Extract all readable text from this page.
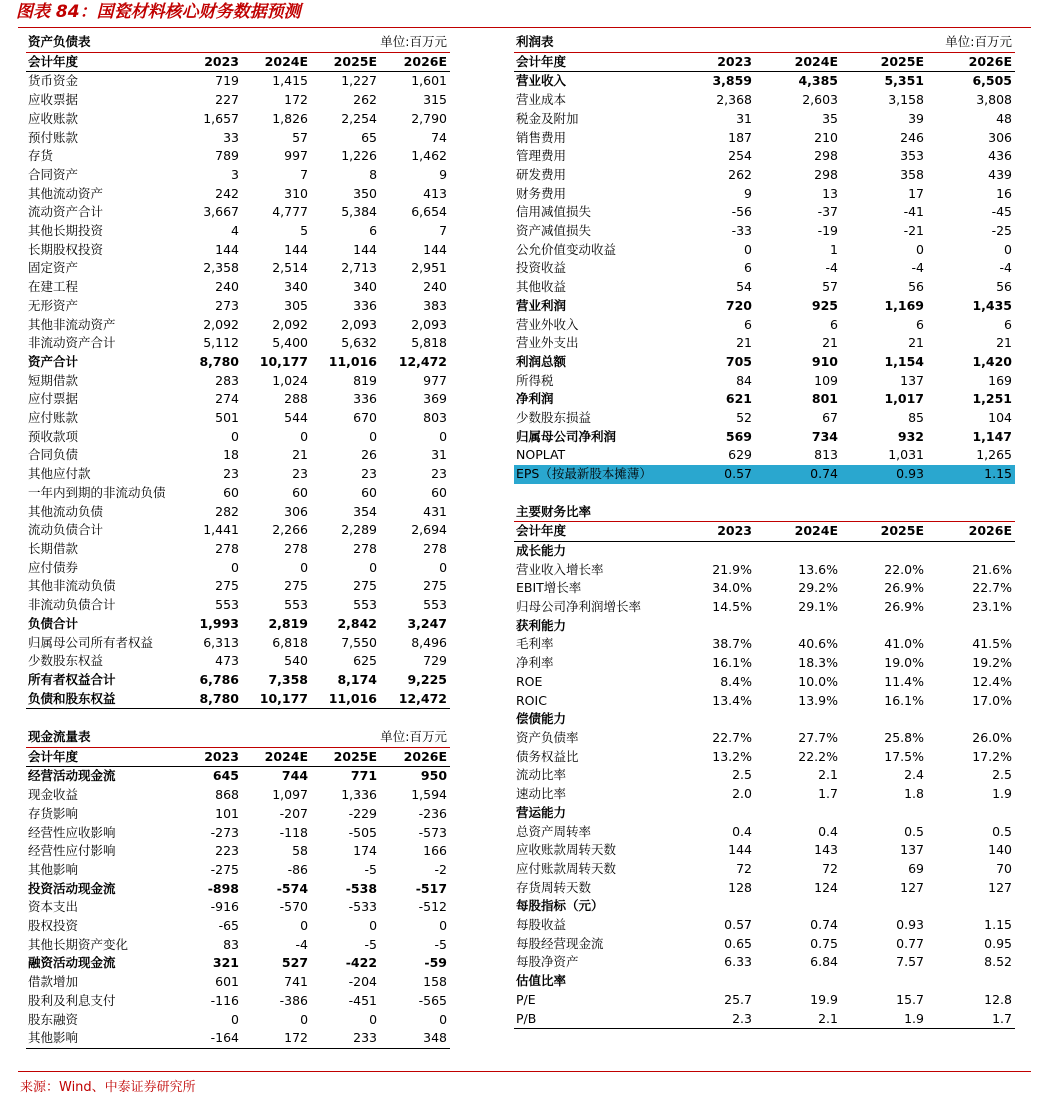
图表 84：国瓷材料核心财务数据预测
资产负债表			单位:百万元	
会计年度	2023	2024E	2025E	2026E
货币资金	719	1,415	1,227	1,601
应收票据	227	172	262	315
应收账款	1,657	1,826	2,254	2,790
预付账款	33	57	65	74
存货	789	997	1,226	1,462
合同资产	3	7	8	9
其他流动资产	242	310	350	413
流动资产合计	3,667	4,777	5,384	6,654
其他长期投资	4	5	6	7
长期股权投资	144	144	144	144
固定资产	2,358	2,514	2,713	2,951
在建工程	240	340	340	240
无形资产	273	305	336	383
其他非流动资产	2,092	2,092	2,093	2,093
非流动资产合计	5,112	5,400	5,632	5,818
资产合计	8,780	10,177	11,016	12,472
短期借款	283	1,024	819	977
应付票据	274	288	336	369
应付账款	501	544	670	803
预收款项	0	0	0	0
合同负债	18	21	26	31
其他应付款	23	23	23	23
一年内到期的非流动负债	60	60	60	60
其他流动负债	282	306	354	431
流动负债合计	1,441	2,266	2,289	2,694
长期借款	278	278	278	278
应付债券	0	0	0	0
其他非流动负债	275	275	275	275
非流动负债合计	553	553	553	553
负债合计	1,993	2,819	2,842	3,247
归属母公司所有者权益	6,313	6,818	7,550	8,496
少数股东权益	473	540	625	729
所有者权益合计	6,786	7,358	8,174	9,225
负债和股东权益	8,780	10,177	11,016	12,472

现金流量表			单位:百万元	
会计年度	2023	2024E	2025E	2026E
经营活动现金流	645	744	771	950
现金收益	868	1,097	1,336	1,594
存货影响	101	-207	-229	-236
经营性应收影响	-273	-118	-505	-573
经营性应付影响	223	58	174	166
其他影响	-275	-86	-5	-2
投资活动现金流	-898	-574	-538	-517
资本支出	-916	-570	-533	-512
股权投资	-65	0	0	0
其他长期资产变化	83	-4	-5	-5
融资活动现金流	321	527	-422	-59
借款增加	601	741	-204	158
股利及利息支付	-116	-386	-451	-565
股东融资	0	0	0	0
其他影响	-164	172	233	348
利润表			单位:百万元	
会计年度	2023	2024E	2025E	2026E
营业收入	3,859	4,385	5,351	6,505
营业成本	2,368	2,603	3,158	3,808
税金及附加	31	35	39	48
销售费用	187	210	246	306
管理费用	254	298	353	436
研发费用	262	298	358	439
财务费用	9	13	17	16
信用减值损失	-56	-37	-41	-45
资产减值损失	-33	-19	-21	-25
公允价值变动收益	0	1	0	0
投资收益	6	-4	-4	-4
其他收益	54	57	56	56
营业利润	720	925	1,169	1,435
营业外收入	6	6	6	6
营业外支出	21	21	21	21
利润总额	705	910	1,154	1,420
所得税	84	109	137	169
净利润	621	801	1,017	1,251
少数股东损益	52	67	85	104
归属母公司净利润	569	734	932	1,147
NOPLAT	629	813	1,031	1,265
EPS（按最新股本摊薄）	0.57	0.74	0.93	1.15

主要财务比率				
会计年度	2023	2024E	2025E	2026E
成长能力				
营业收入增长率	21.9%	13.6%	22.0%	21.6%
EBIT增长率	34.0%	29.2%	26.9%	22.7%
归母公司净利润增长率	14.5%	29.1%	26.9%	23.1%
获利能力				
毛利率	38.7%	40.6%	41.0%	41.5%
净利率	16.1%	18.3%	19.0%	19.2%
ROE	8.4%	10.0%	11.4%	12.4%
ROIC	13.4%	13.9%	16.1%	17.0%
偿债能力				
资产负债率	22.7%	27.7%	25.8%	26.0%
债务权益比	13.2%	22.2%	17.5%	17.2%
流动比率	2.5	2.1	2.4	2.5
速动比率	2.0	1.7	1.8	1.9
营运能力				
总资产周转率	0.4	0.4	0.5	0.5
应收账款周转天数	144	143	137	140
应付账款周转天数	72	72	69	70
存货周转天数	128	124	127	127
每股指标（元）				
每股收益	0.57	0.74	0.93	1.15
每股经营现金流	0.65	0.75	0.77	0.95
每股净资产	6.33	6.84	7.57	8.52
估值比率				
P/E	25.7	19.9	15.7	12.8
P/B	2.3	2.1	1.9	1.7
来源：Wind、中泰证券研究所
